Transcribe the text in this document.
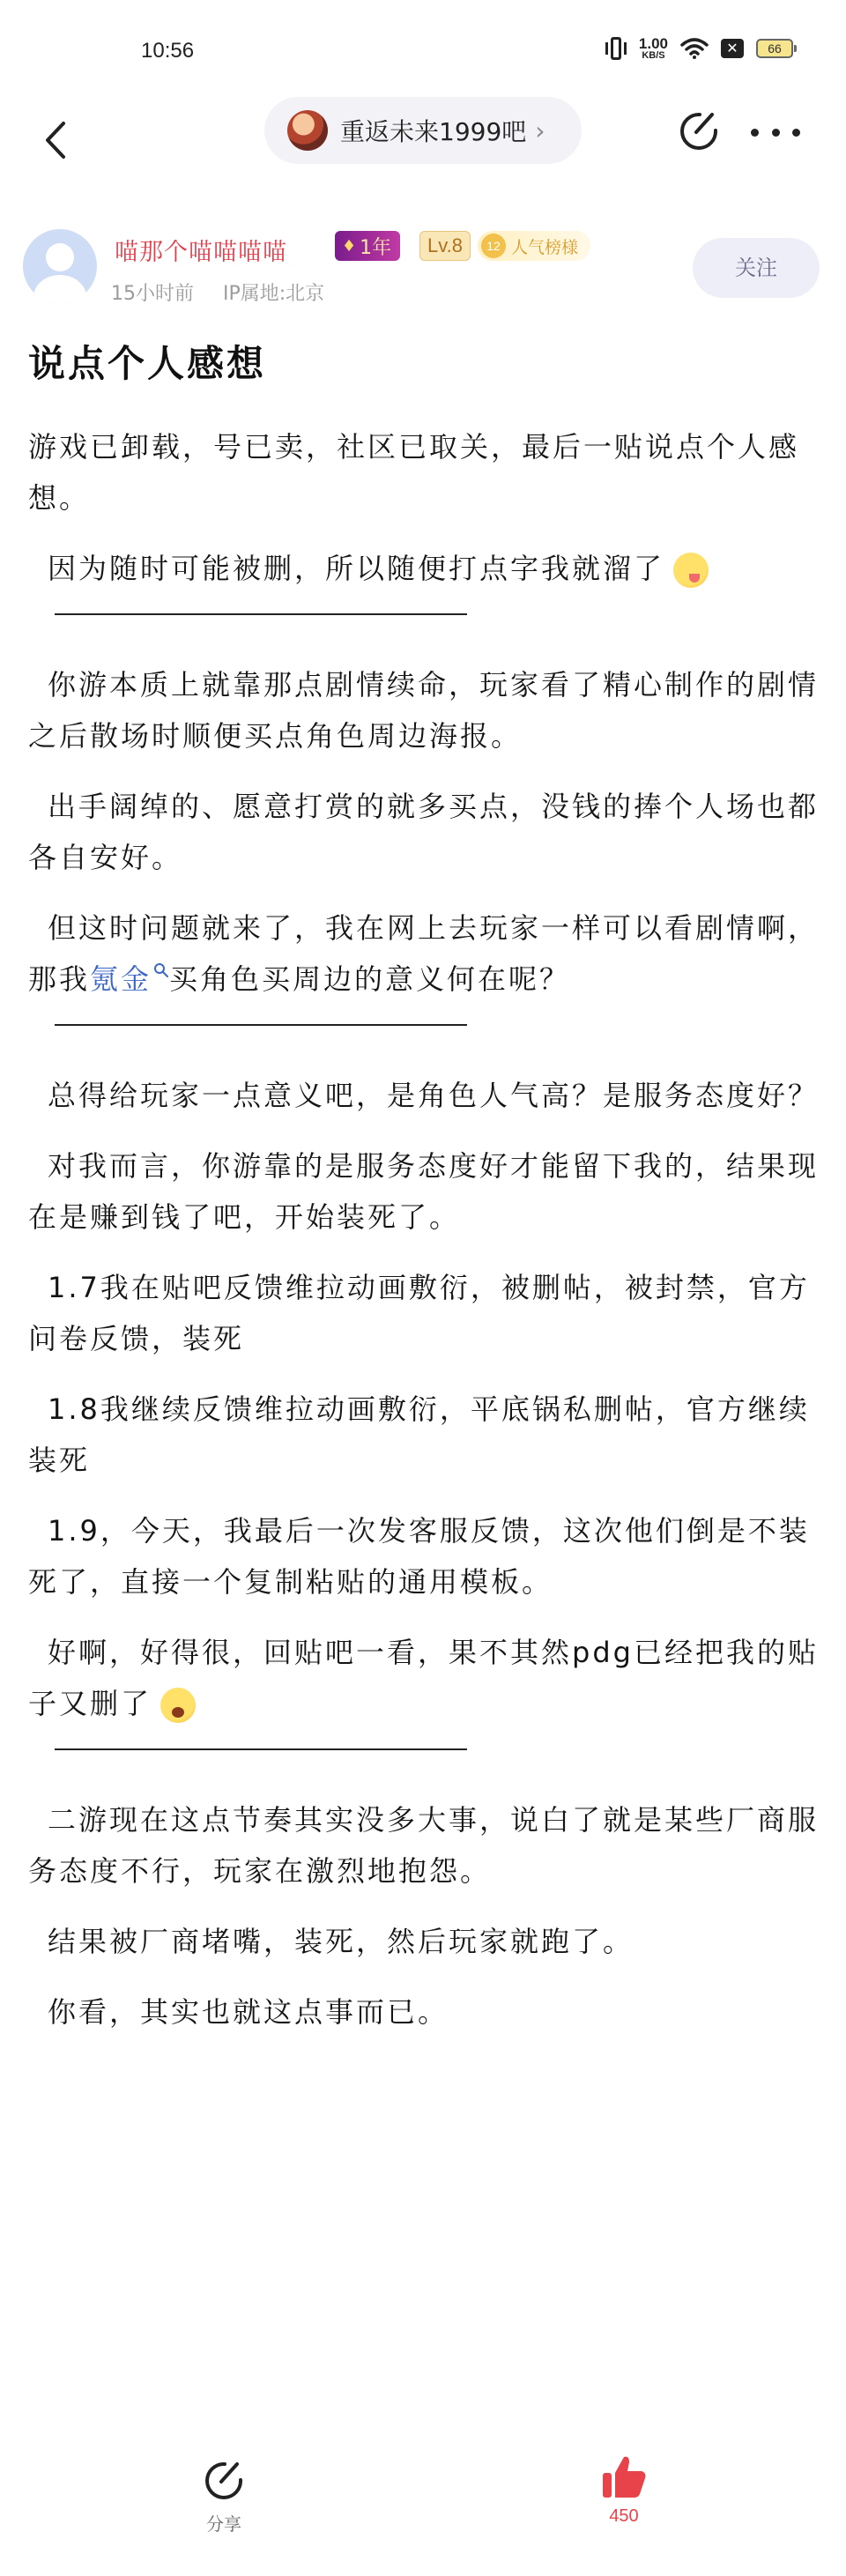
10:56	1.00
KB/S	✕	66
重返未来1999吧 ›
喵那个喵喵喵喵	♦ 1年	Lv.8	12 人气榜様
15小时前 IP属地:北京
关注
说点个人感想

游戏已卸载，号已卖，社区已取关，最后一贴说点个人感想。

因为随时可能被删，所以随便打点字我就溜了

你游本质上就靠那点剧情续命，玩家看了精心制作的剧情之后散场时顺便买点角色周边海报。

出手阔绰的、愿意打赏的就多买点，没钱的捧个人场也都各自安好。

但这时问题就来了，我在网上去玩家一样可以看剧情啊，那我氪金 买角色买周边的意义何在呢？

总得给玩家一点意义吧，是角色人气高？是服务态度好？

对我而言，你游靠的是服务态度好才能留下我的，结果现在是赚到钱了吧，开始装死了。

1.7我在贴吧反馈维拉动画敷衍，被删帖，被封禁，官方问卷反馈，装死

1.8我继续反馈维拉动画敷衍，平底锅私删帖，官方继续装死

1.9，今天，我最后一次发客服反馈，这次他们倒是不装死了，直接一个复制粘贴的通用模板。

好啊，好得很，回贴吧一看，果不其然pdg已经把我的贴子又删了

二游现在这点节奏其实没多大事，说白了就是某些厂商服务态度不行，玩家在激烈地抱怨。

结果被厂商堵嘴，装死，然后玩家就跑了。

你看，其实也就这点事而已。

分享	450
